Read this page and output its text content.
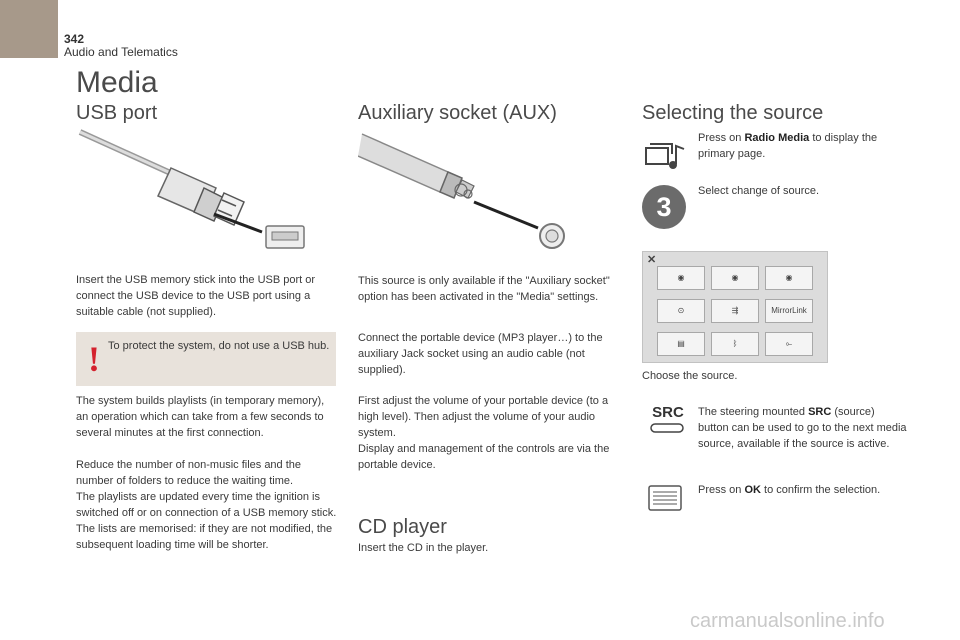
342
Audio and Telematics
Media
USB port
Insert the USB memory stick into the USB port or connect the USB device to the USB port using a suitable cable (not supplied).
! To protect the system, do not use a USB hub.
The system builds playlists (in temporary memory), an operation which can take from a few seconds to several minutes at the first connection.
Reduce the number of non-music files and the number of folders to reduce the waiting time.
The playlists are updated every time the ignition is switched off or on connection of a USB memory stick. The lists are memorised: if they are not modified, the subsequent loading time will be shorter.
Auxiliary socket (AUX)
This source is only available if the "Auxiliary socket" option has been activated in the "Media" settings.
Connect the portable device (MP3 player…) to the auxiliary Jack socket using an audio cable (not supplied).
First adjust the volume of your portable device (to a high level). Then adjust the volume of your audio system.
Display and management of the controls are via the portable device.
CD player
Insert the CD in the player.
Selecting the source
Press on Radio Media to display the primary page.
3
Select change of source.
✕
◉	◉	◉
⊙	⇶	MirrorLink
▤	ᛒ	⟜
Choose the source.
SRC	The steering mounted SRC (source) button can be used to go to the next media source, available if the source is active.
Press on OK to confirm the selection.
carmanualsonline.info
